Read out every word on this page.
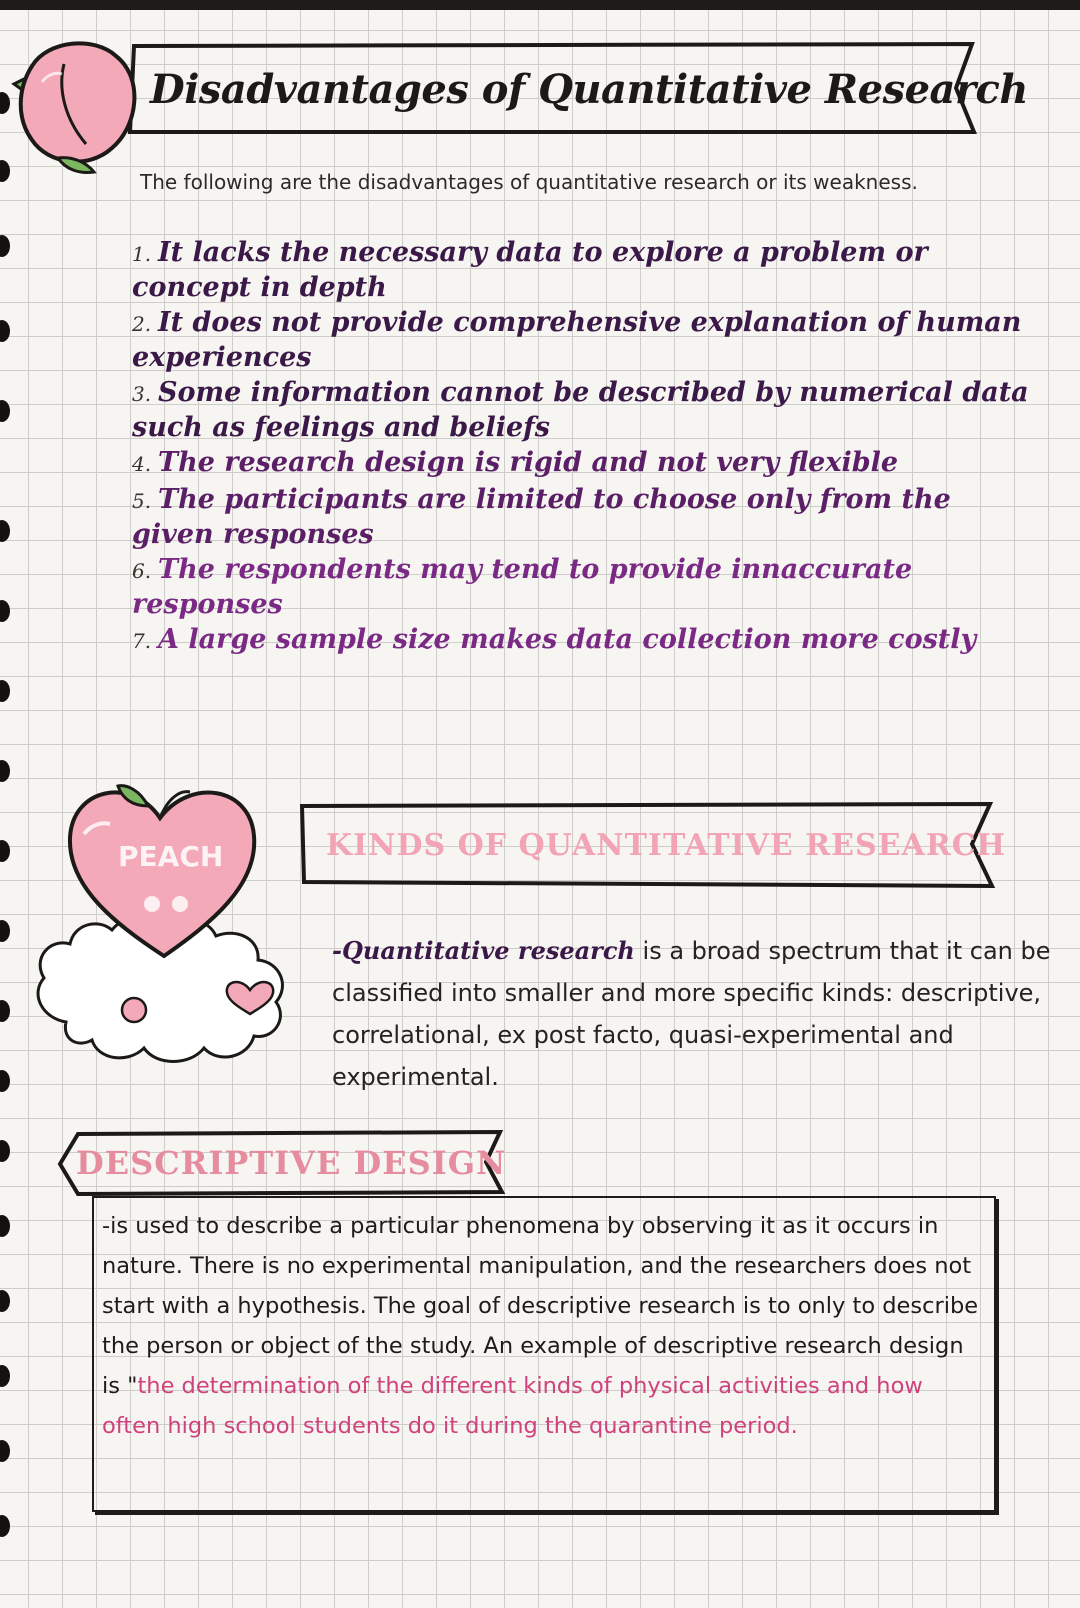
Disadvantages of Quantitative Research
The following are the disadvantages of quantitative research or its weakness.
1. It lacks the necessary data to explore a problem or concept in depth
2. It does not provide comprehensive explanation of human experiences
3. Some information cannot be described by numerical data such as feelings and beliefs
4. The research design is rigid and not very flexible
5. The participants are limited to choose only from the given responses
6. The respondents may tend to provide innaccurate responses
7. A large sample size makes data collection more costly
PEACH	KINDS OF QUANTITATIVE RESEARCH
-Quantitative research is a broad spectrum that it can be classified into smaller and more specific kinds: descriptive, correlational, ex post facto, quasi-experimental and experimental.
DESCRIPTIVE DESIGN
-is used to describe a particular phenomena by observing it as it occurs in nature. There is no experimental manipulation, and the researchers does not start with a hypothesis. The goal of descriptive research is to only to describe the person or object of the study. An example of descriptive research design is "the determination of the different kinds of physical activities and how often high school students do it during the quarantine period.
